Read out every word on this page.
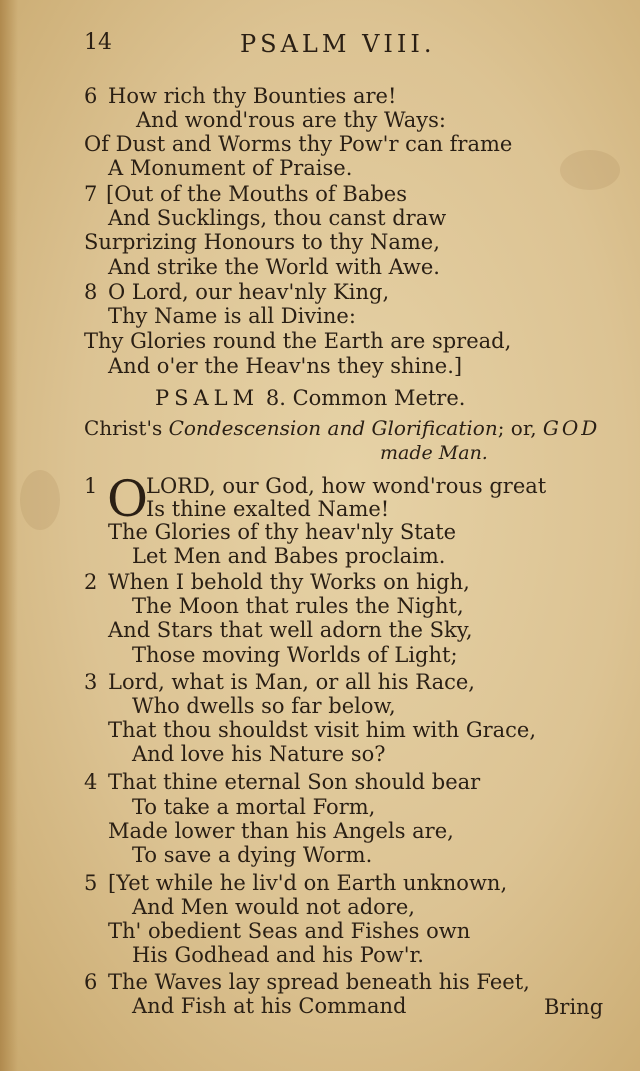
14	PSALM VIII.
6 How rich thy Bounties are!
And wond'rous are thy Ways:
Of Dust and Worms thy Pow'r can frame
A Monument of Praise.
7 [Out of the Mouths of Babes
And Sucklings, thou canst draw
Surprizing Honours to thy Name,
And strike the World with Awe.
8 O Lord, our heav'nly King,
Thy Name is all Divine:
Thy Glories round the Earth are spread,
And o'er the Heav'ns they shine.]
PSALM 8. Common Metre.
Christ's Condescension and Glorification; or, GOD
made Man.
1 O
LORD, our God, how wond'rous great
Is thine exalted Name!
The Glories of thy heav'nly State
Let Men and Babes proclaim.
2 When I behold thy Works on high,
The Moon that rules the Night,
And Stars that well adorn the Sky,
Those moving Worlds of Light;
3 Lord, what is Man, or all his Race,
Who dwells so far below,
That thou shouldst visit him with Grace,
And love his Nature so?
4 That thine eternal Son should bear
To take a mortal Form,
Made lower than his Angels are,
To save a dying Worm.
5 [Yet while he liv'd on Earth unknown,
And Men would not adore,
Th' obedient Seas and Fishes own
His Godhead and his Pow'r.
6 The Waves lay spread beneath his Feet,
And Fish at his Command	Bring
